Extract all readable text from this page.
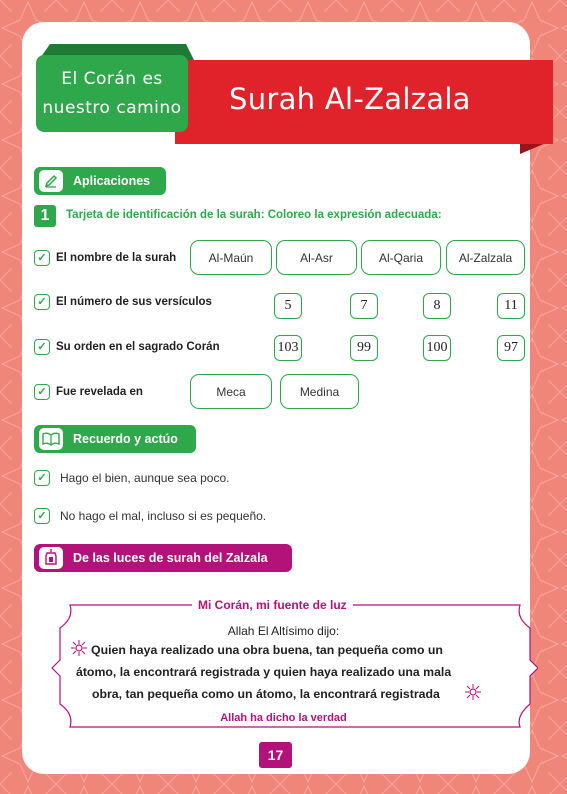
El Corán es
nuestro camino Surah Al-Zalzala
Aplicaciones
1	Tarjeta de identificación de la surah: Coloreo la expresión adecuada:
✓ El nombre de la surah	Al-Maún	Al-Asr	Al-Qaria	Al-Zalzala
✓ El número de sus versículos	5	7	8	11
✓ Su orden en el sagrado Corán	103	99	100	97
✓ Fue revelada en	Meca	Medina
Recuerdo y actúo
✓ Hago el bien, aunque sea poco.
✓ No hago el mal, incluso si es pequeño.
De las luces de surah del Zalzala
Mi Corán, mi fuente de luz
Allah El Altísimo dijo:
Quien haya realizado una obra buena, tan pequeña como un
átomo, la encontrará registrada y quien haya realizado una mala
obra, tan pequeña como un átomo, la encontrará registrada
Allah ha dicho la verdad
17
